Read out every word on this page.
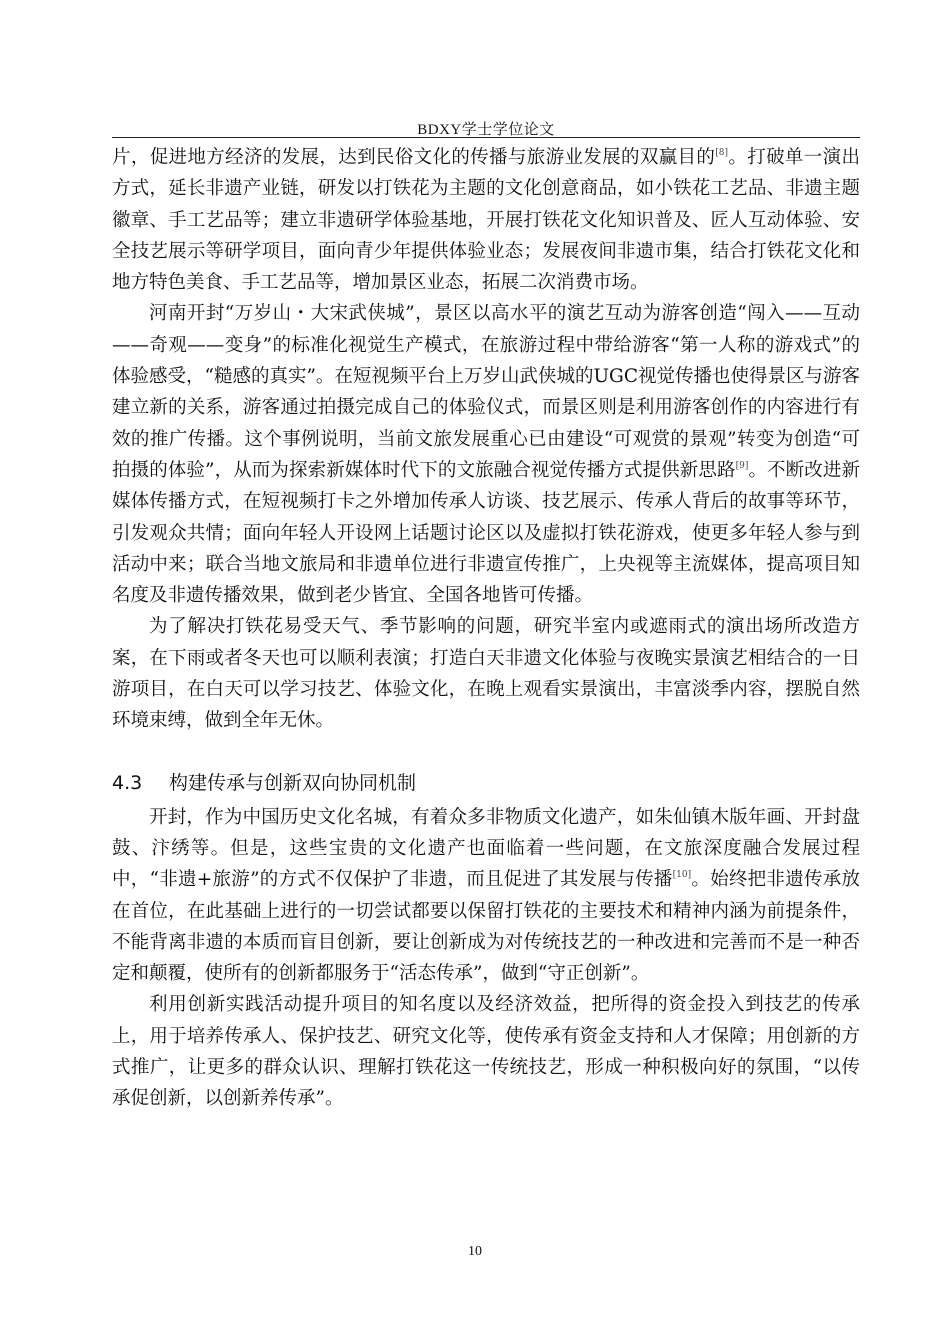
BDXY学士学位论文

片，促进地方经济的发展，达到民俗文化的传播与旅游业发展的双赢目的[8]。打破单一演出方式，延长非遗产业链，研发以打铁花为主题的文化创意商品，如小铁花工艺品、非遗主题徽章、手工艺品等；建立非遗研学体验基地，开展打铁花文化知识普及、匠人互动体验、安全技艺展示等研学项目，面向青少年提供体验业态；发展夜间非遗市集，结合打铁花文化和地方特色美食、手工艺品等，增加景区业态，拓展二次消费市场。

河南开封“万岁山・大宋武侠城”，景区以高水平的演艺互动为游客创造“闯入——互动——奇观——变身”的标准化视觉生产模式，在旅游过程中带给游客“第一人称的游戏式”的体验感受，“糙感的真实”。在短视频平台上万岁山武侠城的UGC视觉传播也使得景区与游客建立新的关系，游客通过拍摄完成自己的体验仪式，而景区则是利用游客创作的内容进行有效的推广传播。这个事例说明，当前文旅发展重心已由建设“可观赏的景观”转变为创造“可拍摄的体验”，从而为探索新媒体时代下的文旅融合视觉传播方式提供新思路[9]。不断改进新媒体传播方式，在短视频打卡之外增加传承人访谈、技艺展示、传承人背后的故事等环节，引发观众共情；面向年轻人开设网上话题讨论区以及虚拟打铁花游戏，使更多年轻人参与到活动中来；联合当地文旅局和非遗单位进行非遗宣传推广，上央视等主流媒体，提高项目知名度及非遗传播效果，做到老少皆宜、全国各地皆可传播。

为了解决打铁花易受天气、季节影响的问题，研究半室内或遮雨式的演出场所改造方案，在下雨或者冬天也可以顺利表演；打造白天非遗文化体验与夜晚实景演艺相结合的一日游项目，在白天可以学习技艺、体验文化，在晚上观看实景演出，丰富淡季内容，摆脱自然环境束缚，做到全年无休。

4.3 构建传承与创新双向协同机制

开封，作为中国历史文化名城，有着众多非物质文化遗产，如朱仙镇木版年画、开封盘鼓、汴绣等。但是，这些宝贵的文化遗产也面临着一些问题，在文旅深度融合发展过程中，“非遗+旅游”的方式不仅保护了非遗，而且促进了其发展与传播[10]。始终把非遗传承放在首位，在此基础上进行的一切尝试都要以保留打铁花的主要技术和精神内涵为前提条件，不能背离非遗的本质而盲目创新，要让创新成为对传统技艺的一种改进和完善而不是一种否定和颠覆，使所有的创新都服务于“活态传承”，做到“守正创新”。

利用创新实践活动提升项目的知名度以及经济效益，把所得的资金投入到技艺的传承上，用于培养传承人、保护技艺、研究文化等，使传承有资金支持和人才保障；用创新的方式推广，让更多的群众认识、理解打铁花这一传统技艺，形成一种积极向好的氛围，“以传承促创新，以创新养传承”。

10
